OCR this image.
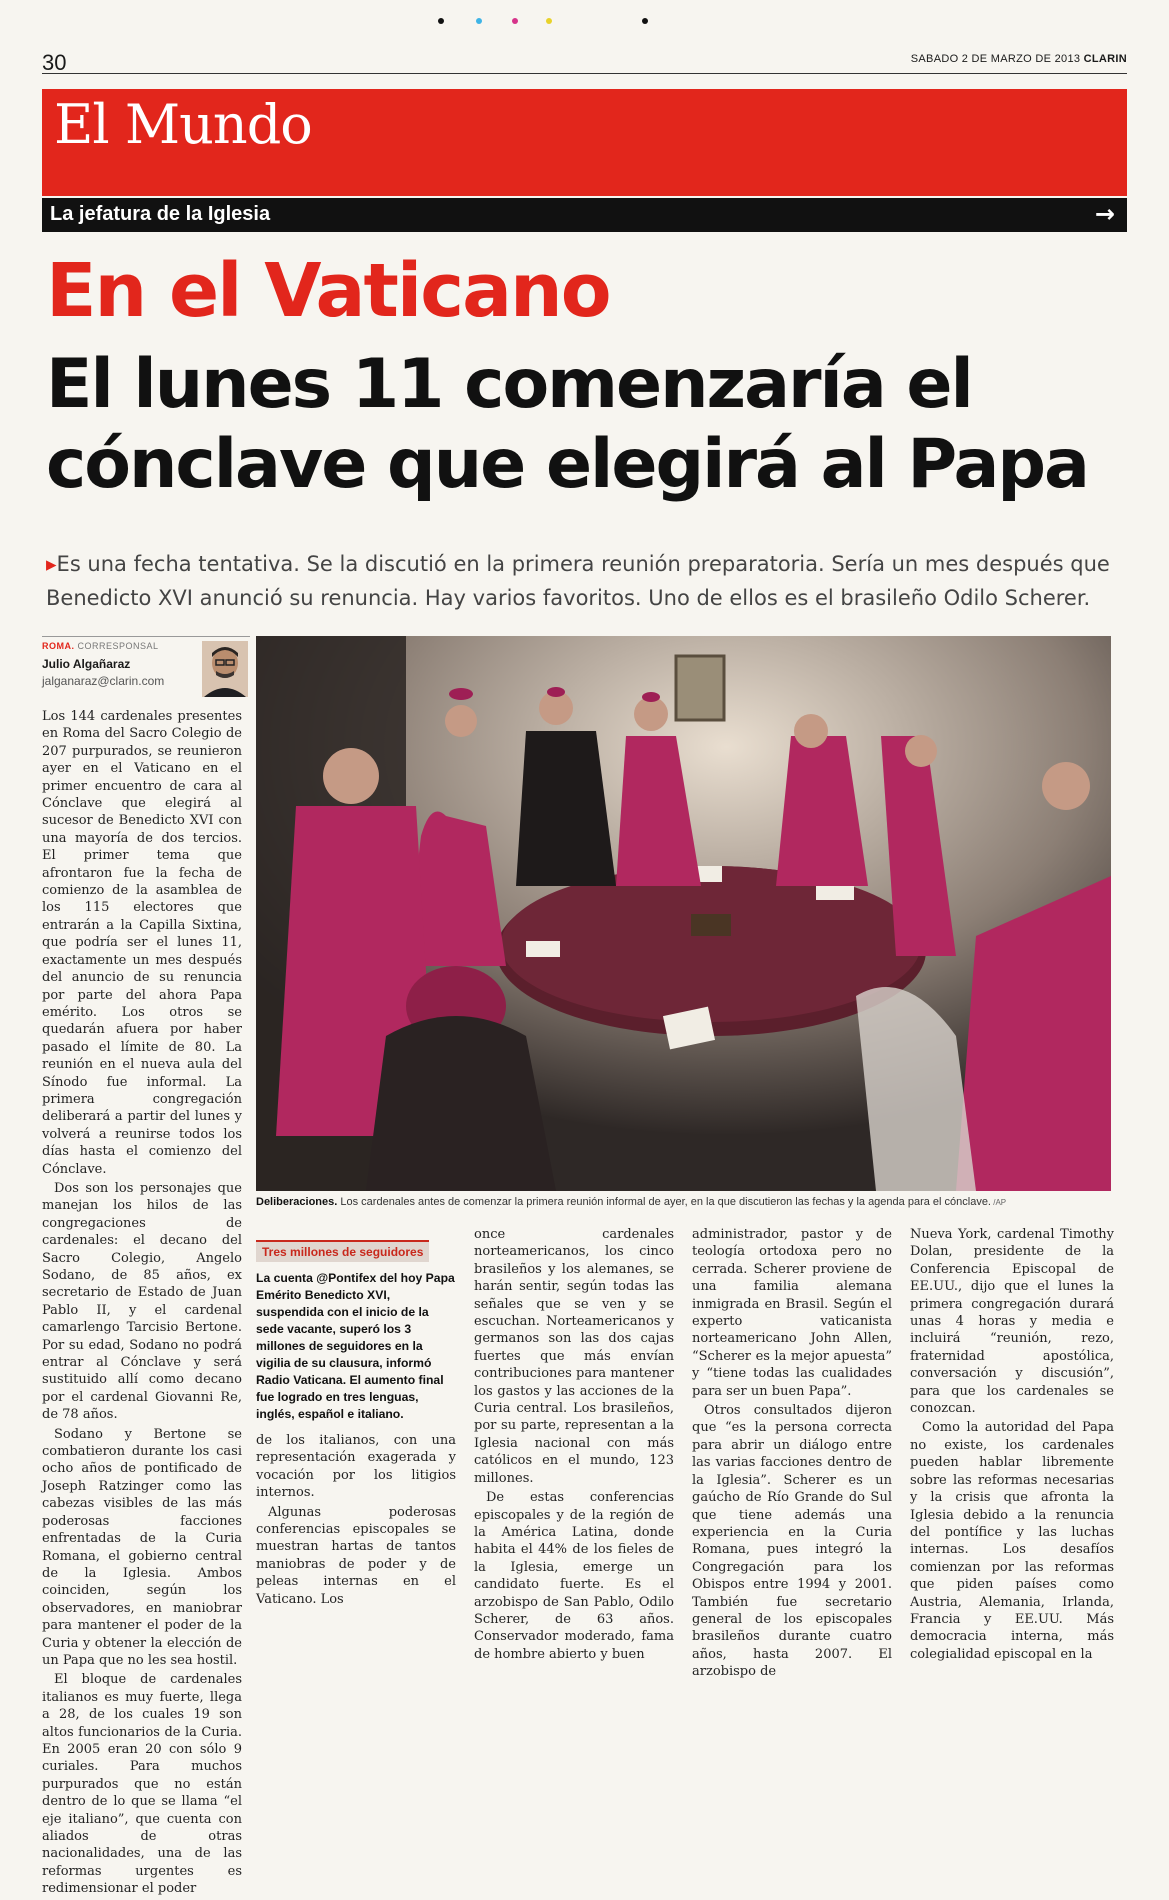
30	SABADO 2 DE MARZO DE 2013 CLARIN
El Mundo
La jefatura de la Iglesia	→
En el Vaticano
El lunes 11 comenzaría el cónclave que elegirá al Papa
▸Es una fecha tentativa. Se la discutió en la primera reunión preparatoria. Sería un mes después que Benedicto XVI anunció su renuncia. Hay varios favoritos. Uno de ellos es el brasileño Odilo Scherer.
ROMA. CORRESPONSAL
Julio Algañaraz
jalganaraz@clarin.com
Deliberaciones. Los cardenales antes de comenzar la primera reunión informal de ayer, en la que discutieron las fechas y la agenda para el cónclave. /AP

Los 144 cardenales presentes en Roma del Sacro Colegio de 207 purpurados, se reunieron ayer en el Vaticano en el primer encuentro de cara al Cónclave que elegirá al sucesor de Benedicto XVI con una mayoría de dos tercios. El primer tema que afrontaron fue la fecha de comienzo de la asamblea de los 115 electores que entrarán a la Capilla Sixtina, que podría ser el lunes 11, exactamente un mes después del anuncio de su renuncia por parte del ahora Papa emérito. Los otros se quedarán afuera por haber pasado el límite de 80. La reunión en el nueva aula del Sínodo fue informal. La primera congregación deliberará a partir del lunes y volverá a reunirse todos los días hasta el comienzo del Cónclave.

Dos son los personajes que manejan los hilos de las congregaciones de cardenales: el decano del Sacro Colegio, Angelo Sodano, de 85 años, ex secretario de Estado de Juan Pablo II, y el cardenal camarlengo Tarcisio Bertone. Por su edad, Sodano no podrá entrar al Cónclave y será sustituido allí como decano por el cardenal Giovanni Re, de 78 años.

Sodano y Bertone se combatieron durante los casi ocho años de pontificado de Joseph Ratzinger como las cabezas visibles de las más poderosas facciones enfrentadas de la Curia Romana, el gobierno central de la Iglesia. Ambos coinciden, según los observadores, en maniobrar para mantener el poder de la Curia y obtener la elección de un Papa que no les sea hostil.

El bloque de cardenales italianos es muy fuerte, llega a 28, de los cuales 19 son altos funcionarios de la Curia. En 2005 eran 20 con sólo 9 curiales. Para muchos purpurados que no están dentro de lo que se llama “el eje italiano”, que cuenta con aliados de otras nacionalidades, una de las reformas urgentes es redimensionar el poder

Tres millones de seguidores
La cuenta @Pontifex del hoy Papa Emérito Benedicto XVI, suspendida con el inicio de la sede vacante, superó los 3 millones de seguidores en la vigilia de su clausura, informó Radio Vaticana. El aumento final fue logrado en tres lenguas, inglés, español e italiano.

de los italianos, con una representación exagerada y vocación por los litigios internos.

Algunas poderosas conferencias episcopales se muestran hartas de tantos maniobras de poder y de peleas internas en el Vaticano. Los

once cardenales norteamericanos, los cinco brasileños y los alemanes, se harán sentir, según todas las señales que se ven y se escuchan. Norteamericanos y germanos son las dos cajas fuertes que más envían contribuciones para mantener los gastos y las acciones de la Curia central. Los brasileños, por su parte, representan a la Iglesia nacional con más católicos en el mundo, 123 millones.

De estas conferencias episcopales y de la región de la América Latina, donde habita el 44% de los fieles de la Iglesia, emerge un candidato fuerte. Es el arzobispo de San Pablo, Odilo Scherer, de 63 años. Conservador moderado, fama de hombre abierto y buen

administrador, pastor y de teología ortodoxa pero no cerrada. Scherer proviene de una familia alemana inmigrada en Brasil. Según el experto vaticanista norteamericano John Allen, “Scherer es la mejor apuesta” y “tiene todas las cualidades para ser un buen Papa”.

Otros consultados dijeron que “es la persona correcta para abrir un diálogo entre las varias facciones dentro de la Iglesia”. Scherer es un gaúcho de Río Grande do Sul que tiene además una experiencia en la Curia Romana, pues integró la Congregación para los Obispos entre 1994 y 2001. También fue secretario general de los episcopales brasileños durante cuatro años, hasta 2007. El arzobispo de

Nueva York, cardenal Timothy Dolan, presidente de la Conferencia Episcopal de EE.UU., dijo que el lunes la primera congregación durará unas 4 horas y media e incluirá “reunión, rezo, fraternidad apostólica, conversación y discusión”, para que los cardenales se conozcan.

Como la autoridad del Papa no existe, los cardenales pueden hablar libremente sobre las reformas necesarias y la crisis que afronta la Iglesia debido a la renuncia del pontífice y las luchas internas. Los desafíos comienzan por las reformas que piden países como Austria, Alemania, Irlanda, Francia y EE.UU. Más democracia interna, más colegialidad episcopal en la
